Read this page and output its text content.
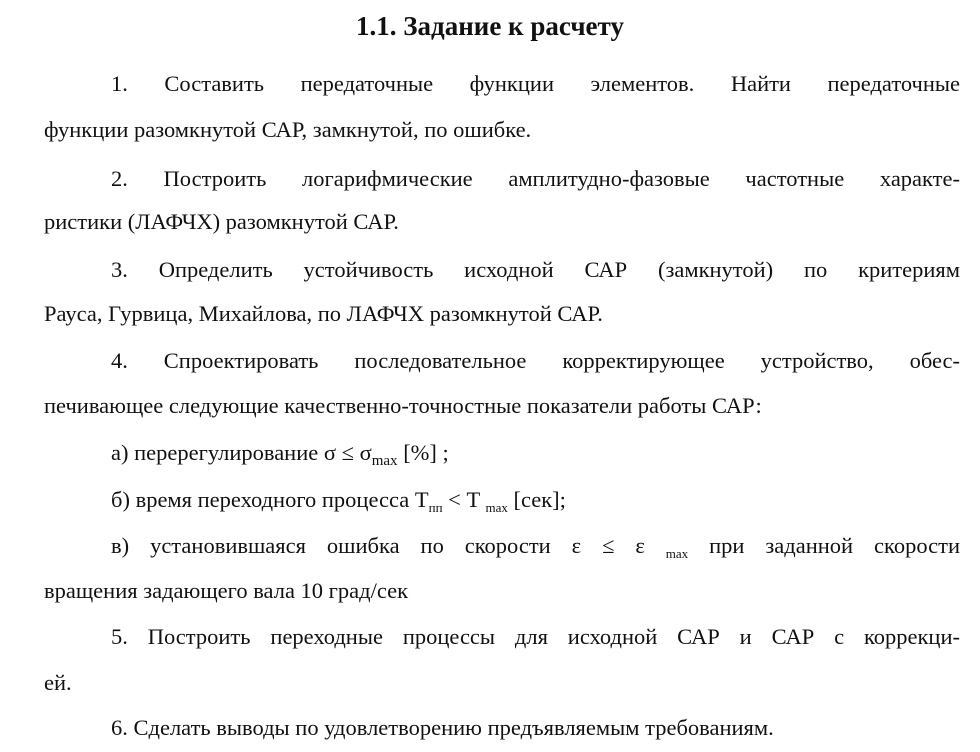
1.1. Задание к расчету
1. Составить передаточные функции элементов. Найти передаточные
функции разомкнутой САР, замкнутой, по ошибке.
2. Построить логарифмические амплитудно-фазовые частотные характе-
ристики (ЛАФЧХ) разомкнутой САР.
3. Определить устойчивость исходной САР (замкнутой) по критериям
Рауса, Гурвица, Михайлова, по ЛАФЧХ разомкнутой САР.
4. Спроектировать последовательное корректирующее устройство, обес-
печивающее следующие качественно-точностные показатели работы САР:
а) перерегулирование $\sigma \le \sigma_{max}$ [%] ;
б) время переходного процесса $T_{пп} < T$ $_{max}$ [сек];
в) установившаяся ошибка по скорости ε ≤ ε $_{max}$ при заданной скорости
вращения задающего вала 10 град/сек
5. Построить переходные процессы для исходной САР и САР с коррекци-
ей.
6. Сделать выводы по удовлетворению предъявляемым требованиям.
